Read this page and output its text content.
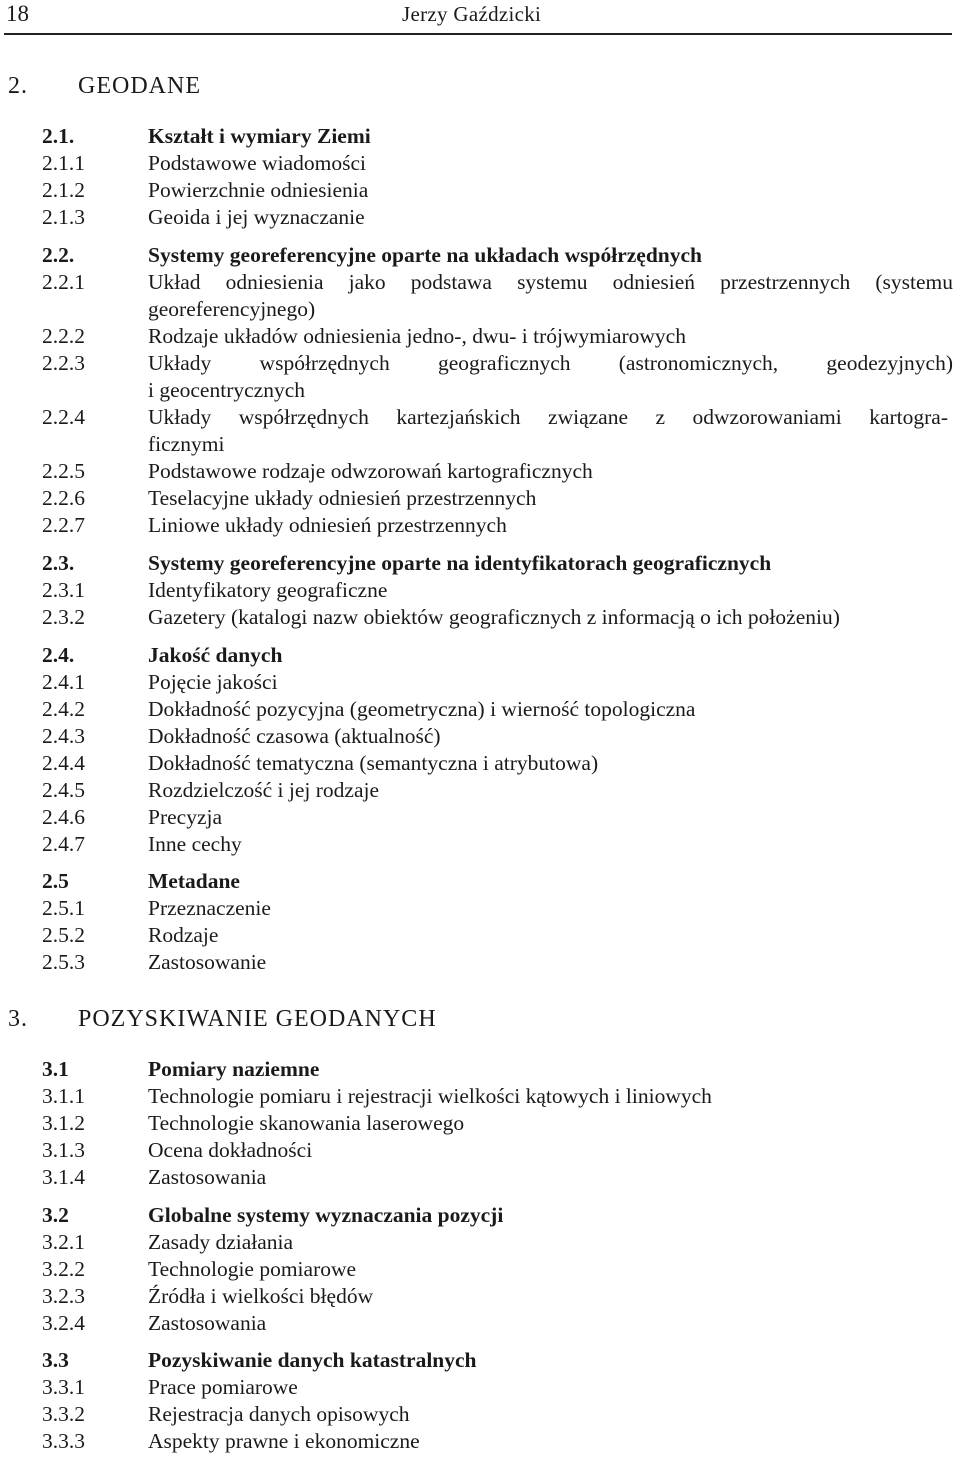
18	Jerzy Gaździcki
2. GEODANE
2.1.	Kształt i wymiary Ziemi
2.1.1	Podstawowe wiadomości
2.1.2	Powierzchnie odniesienia
2.1.3	Geoida i jej wyznaczanie
2.2.	Systemy georeferencyjne oparte na układach współrzędnych
2.2.1	Układ odniesienia jako podstawa systemu odniesień przestrzennych (systemu
georeferencyjnego)
2.2.2	Rodzaje układów odniesienia jedno-, dwu- i trójwymiarowych
2.2.3	Układy współrzędnych geograficznych (astronomicznych, geodezyjnych)
i geocentrycznych
2.2.4	Układy współrzędnych kartezjańskich związane z odwzorowaniami kartogra-
ficznymi
2.2.5	Podstawowe rodzaje odwzorowań kartograficznych
2.2.6	Teselacyjne układy odniesień przestrzennych
2.2.7	Liniowe układy odniesień przestrzennych
2.3.	Systemy georeferencyjne oparte na identyfikatorach geograficznych
2.3.1	Identyfikatory geograficzne
2.3.2	Gazetery (katalogi nazw obiektów geograficznych z informacją o ich położeniu)
2.4.	Jakość danych
2.4.1	Pojęcie jakości
2.4.2	Dokładność pozycyjna (geometryczna) i wierność topologiczna
2.4.3	Dokładność czasowa (aktualność)
2.4.4	Dokładność tematyczna (semantyczna i atrybutowa)
2.4.5	Rozdzielczość i jej rodzaje
2.4.6	Precyzja
2.4.7	Inne cechy
2.5	Metadane
2.5.1	Przeznaczenie
2.5.2	Rodzaje
2.5.3	Zastosowanie
3. POZYSKIWANIE GEODANYCH
3.1	Pomiary naziemne
3.1.1	Technologie pomiaru i rejestracji wielkości kątowych i liniowych
3.1.2	Technologie skanowania laserowego
3.1.3	Ocena dokładności
3.1.4	Zastosowania
3.2	Globalne systemy wyznaczania pozycji
3.2.1	Zasady działania
3.2.2	Technologie pomiarowe
3.2.3	Źródła i wielkości błędów
3.2.4	Zastosowania
3.3	Pozyskiwanie danych katastralnych
3.3.1	Prace pomiarowe
3.3.2	Rejestracja danych opisowych
3.3.3	Aspekty prawne i ekonomiczne
